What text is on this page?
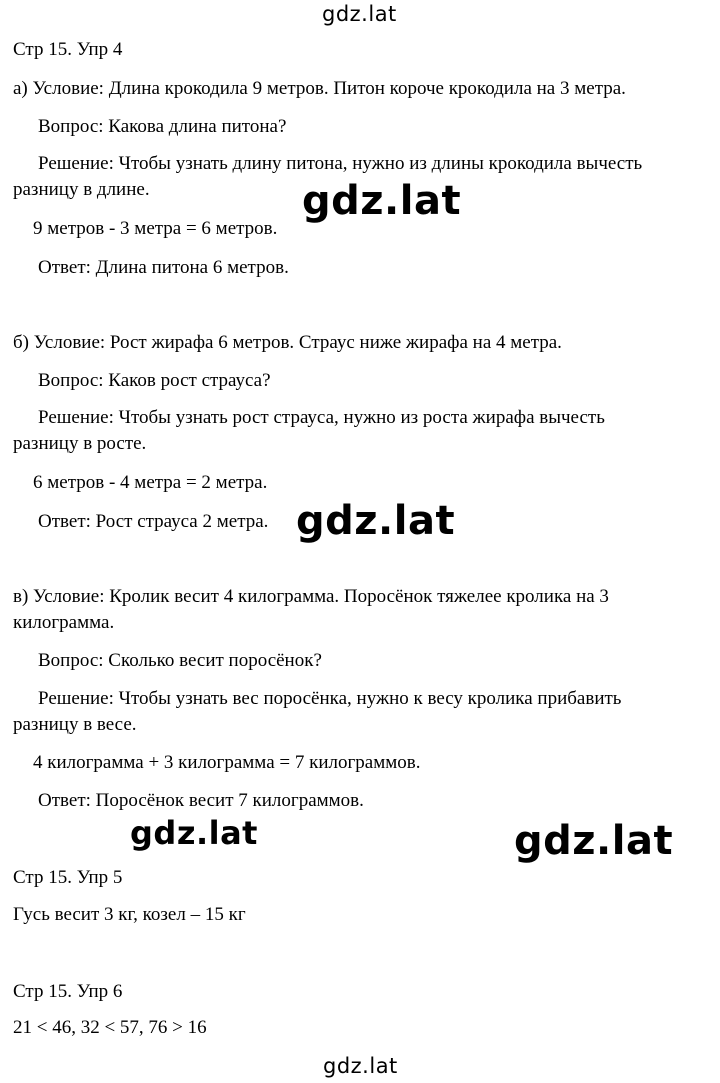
gdz.lat
gdz.lat
gdz.lat
gdz.lat	gdz.lat
gdz.lat
Стр 15. Упр 4
а) Условие: Длина крокодила 9 метров. Питон короче крокодила на 3 метра.
Вопрос: Какова длина питона?
Решение: Чтобы узнать длину питона, нужно из длины крокодила вычесть
разницу в длине.
9 метров - 3 метра = 6 метров.
Ответ: Длина питона 6 метров.
б) Условие: Рост жирафа 6 метров. Страус ниже жирафа на 4 метра.
Вопрос: Каков рост страуса?
Решение: Чтобы узнать рост страуса, нужно из роста жирафа вычесть
разницу в росте.
6 метров - 4 метра = 2 метра.
Ответ: Рост страуса 2 метра.
в) Условие: Кролик весит 4 килограмма. Поросёнок тяжелее кролика на 3
килограмма.
Вопрос: Сколько весит поросёнок?
Решение: Чтобы узнать вес поросёнка, нужно к весу кролика прибавить
разницу в весе.
4 килограмма + 3 килограмма = 7 килограммов.
Ответ: Поросёнок весит 7 килограммов.
Стр 15. Упр 5
Гусь весит 3 кг, козел – 15 кг
Стр 15. Упр 6
21 < 46, 32 < 57, 76 > 16
